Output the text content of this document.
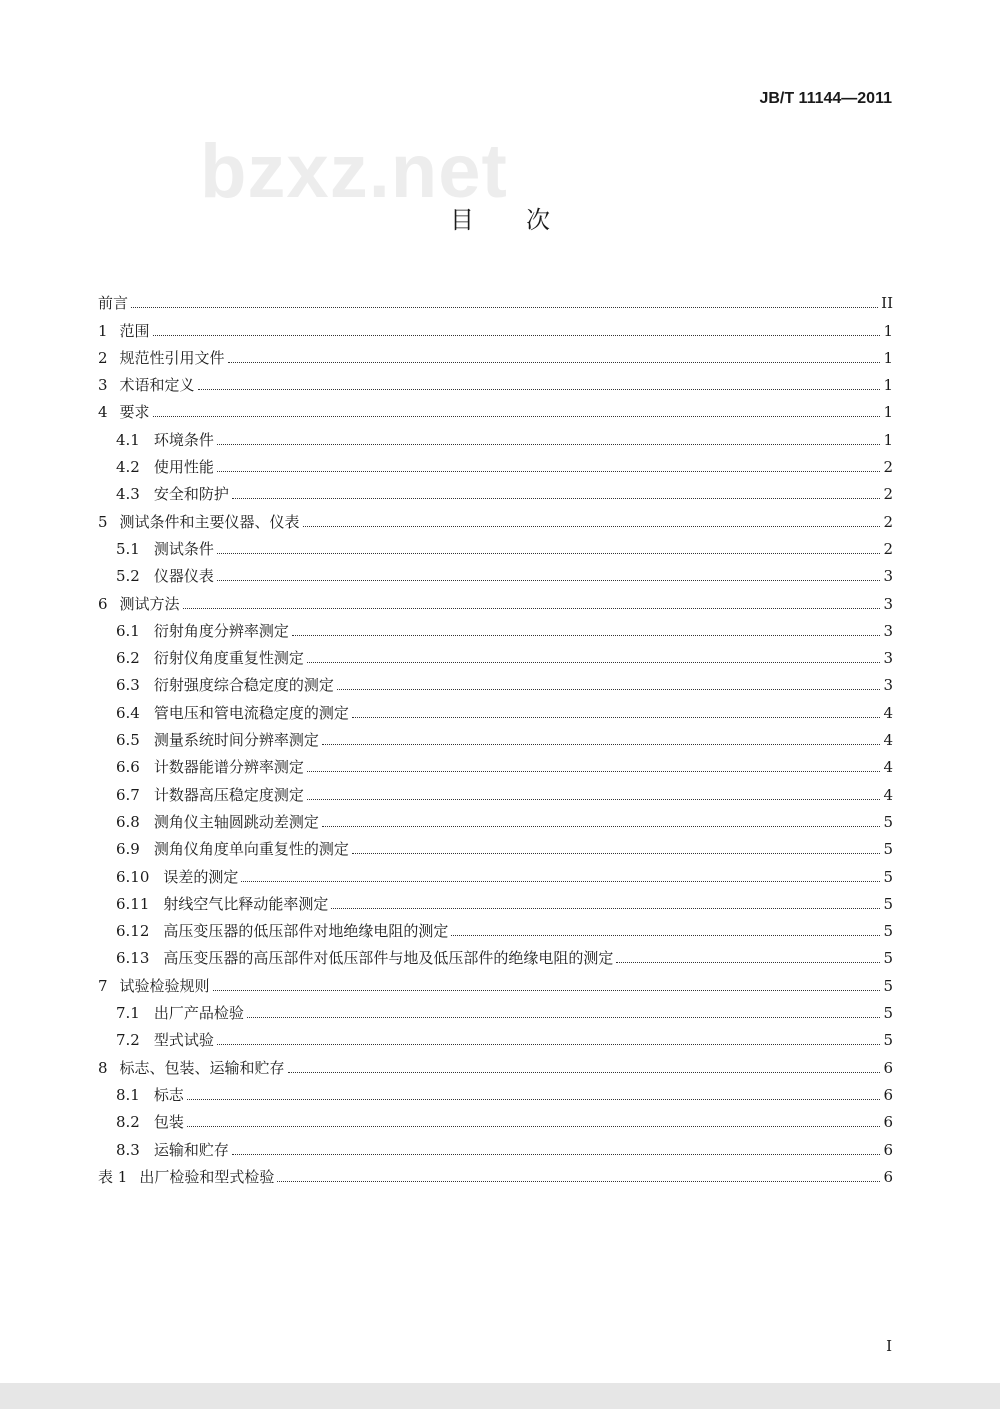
JB/T 11144—2011
bzxz.net
目次
前言	II
1 范围	1
2 规范性引用文件	1
3 术语和定义	1
4 要求	1
4.1 环境条件	1
4.2 使用性能	2
4.3 安全和防护	2
5 测试条件和主要仪器、仪表	2
5.1 测试条件	2
5.2 仪器仪表	3
6 测试方法	3
6.1 衍射角度分辨率测定	3
6.2 衍射仪角度重复性测定	3
6.3 衍射强度综合稳定度的测定	3
6.4 管电压和管电流稳定度的测定	4
6.5 测量系统时间分辨率测定	4
6.6 计数器能谱分辨率测定	4
6.7 计数器高压稳定度测定	4
6.8 测角仪主轴圆跳动差测定	5
6.9 测角仪角度单向重复性的测定	5
6.10 误差的测定	5
6.11 射线空气比释动能率测定	5
6.12 高压变压器的低压部件对地绝缘电阻的测定	5
6.13 高压变压器的高压部件对低压部件与地及低压部件的绝缘电阻的测定	5
7 试验检验规则	5
7.1 出厂产品检验	5
7.2 型式试验	5
8 标志、包装、运输和贮存	6
8.1 标志	6
8.2 包装	6
8.3 运输和贮存	6
表 1 出厂检验和型式检验	6
I
